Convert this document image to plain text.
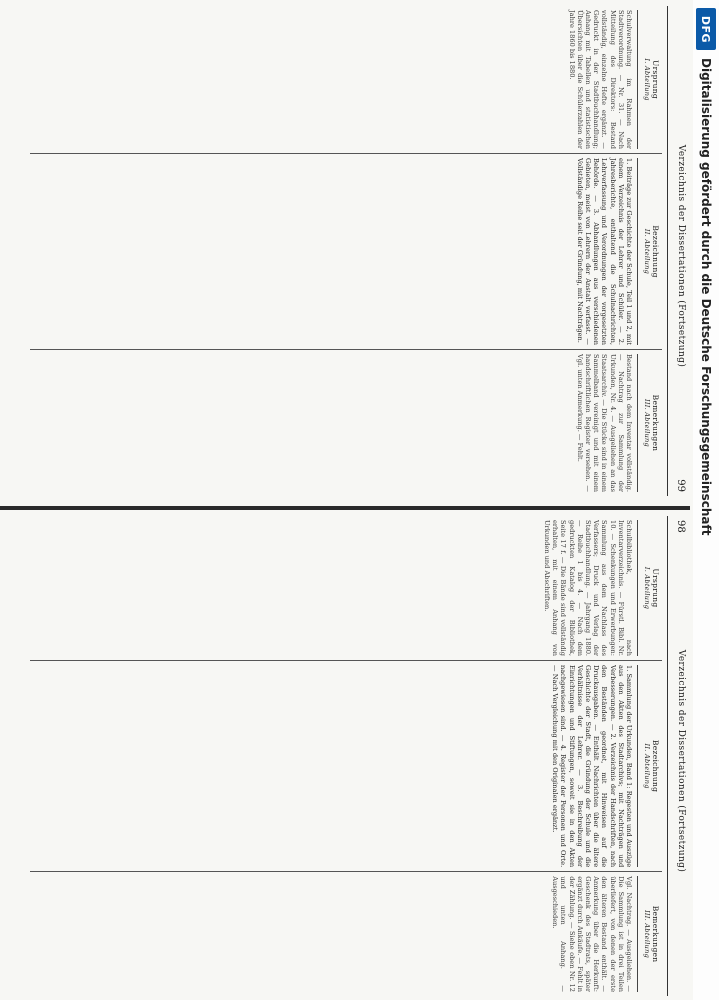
98
Verzeichnis der Dissertationen (Fortsetzung)
Ursprung
I. Abteilung

Schulbibliothek, nach Inventarverzeichnis. — Fürstl. Bibl. Nr. 10. — Schenkungen und Erwerbungen: Sammlung aus dem Nachlass des Verfassers; Druck und Verlag der Stadtbuchhandlung. — Jahrgang 1880. — Reihe 1 bis 4. — Nach dem gedruckten Katalog der Bibliothek, Seite 17 f. — Die Bände sind vollständig erhalten, mit einem Anhang von Urkunden und Abschriften.

Bezeichnung
II. Abteilung

1. Sammlung der Urkunden, Band 1: Regesten und Auszüge aus den Akten des Stadtarchivs; mit Nachträgen und Verbesserungen. — 2. Verzeichnis der Handschriften, nach den Beständen geordnet, mit Hinweisen auf die Druckausgaben. — Enthält Nachrichten über die ältere Geschichte der Stadt, die Gründung der Schule und die Verhältnisse der Lehrer. — 3. Beschreibung der Einrichtungen und Stiftungen, soweit sie in den Akten nachgewiesen sind. — 4. Register der Personen und Orte. — Nach Vergleichung mit den Originalen ergänzt.

Bemerkungen
III. Abteilung

Vgl. Nachtrag. — Ausgeliehen. — Die Sammlung ist in drei Teilen überliefert, von denen der erste den älteren Bestand enthält. — Anmerkung über die Herkunft: Geschenk des Stadtrats, später ergänzt durch Ankäufe. — Fehlt in der Zählung. — Siehe oben Nr. 12 und unten Anhang. — Ausgeschieden.

99
Verzeichnis der Dissertationen (Fortsetzung)
Ursprung
I. Abteilung

Schulverwaltung im Rahmen der Stadtverordnung. — Nr. 31. — Nach Mitteilung des Direktors: Bestand vollständig, einzelne Hefte ergänzt. — Gedruckt in der Stadtbuchhandlung; Anhang mit Tabellen und statistischen Übersichten über die Schülerzahlen der Jahre 1860 bis 1880.

Bezeichnung
II. Abteilung

1. Beiträge zur Geschichte der Schule, Teil 1 und 2, mit einem Verzeichnis der Lehrer und Schüler. — 2. Jahresberichte, enthaltend die Schulnachrichten, Lehrverfassung und Verordnungen der vorgesetzten Behörde. — 3. Abhandlungen aus verschiedenen Gebieten, meist von Lehrern der Anstalt verfasst. — Vollständige Reihe seit der Gründung, mit Nachträgen.

Bemerkungen
III. Abteilung

Bestand nach dem Inventar vollständig. — Nachtrag zur Sammlung der Urkunden, Nr. 4. — Ausgeliehen an das Staatsarchiv. — Die Stücke sind in einem Sammelband vereinigt und mit einem handschriftlichen Register versehen. — Vgl. unten Anmerkung. — Fehlt.

DFG
Digitalisierung gefördert durch die Deutsche Forschungsgemeinschaft
